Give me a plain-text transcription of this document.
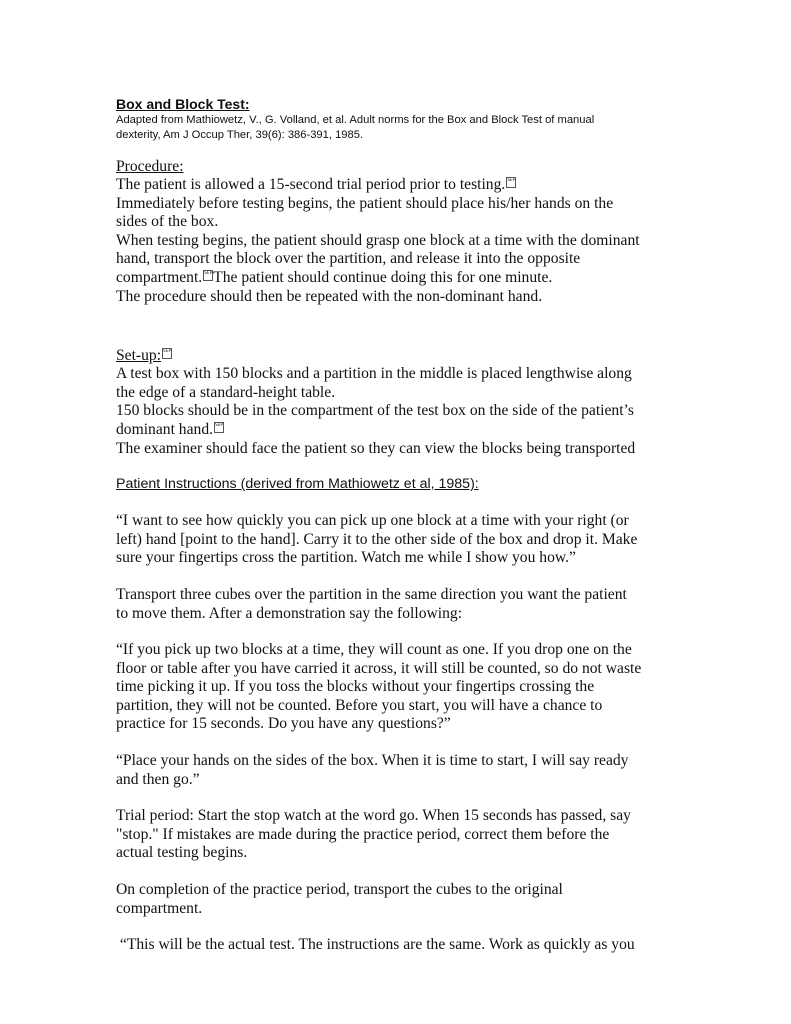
Box and Block Test:

Adapted from Mathiowetz, V., G. Volland, et al. Adult norms for the Box and Block Test of manual

dexterity, Am J Occup Ther, 39(6): 386-391, 1985.

Procedure:

The patient is allowed a 15-second trial period prior to testing. SEP

Immediately before testing begins, the patient should place his/her hands on the

sides of the box.

When testing begins, the patient should grasp one block at a time with the dominant

hand, transport the block over the partition, and release it into the opposite

compartment. SEPThe patient should continue doing this for one minute.

The procedure should then be repeated with the non-dominant hand.

Set-up: SEP

A test box with 150 blocks and a partition in the middle is placed lengthwise along

the edge of a standard-height table.

150 blocks should be in the compartment of the test box on the side of the patient’s

dominant hand. SEP

The examiner should face the patient so they can view the blocks being transported

Patient Instructions (derived from Mathiowetz et al, 1985):

“I want to see how quickly you can pick up one block at a time with your right (or

left) hand [point to the hand]. Carry it to the other side of the box and drop it. Make

sure your fingertips cross the partition. Watch me while I show you how.”

Transport three cubes over the partition in the same direction you want the patient

to move them. After a demonstration say the following:

“If you pick up two blocks at a time, they will count as one. If you drop one on the

floor or table after you have carried it across, it will still be counted, so do not waste

time picking it up. If you toss the blocks without your fingertips crossing the

partition, they will not be counted. Before you start, you will have a chance to

practice for 15 seconds. Do you have any questions?”

“Place your hands on the sides of the box. When it is time to start, I will say ready

and then go.”

Trial period: Start the stop watch at the word go. When 15 seconds has passed, say

"stop." If mistakes are made during the practice period, correct them before the

actual testing begins.

On completion of the practice period, transport the cubes to the original

compartment.

“This will be the actual test. The instructions are the same. Work as quickly as you
